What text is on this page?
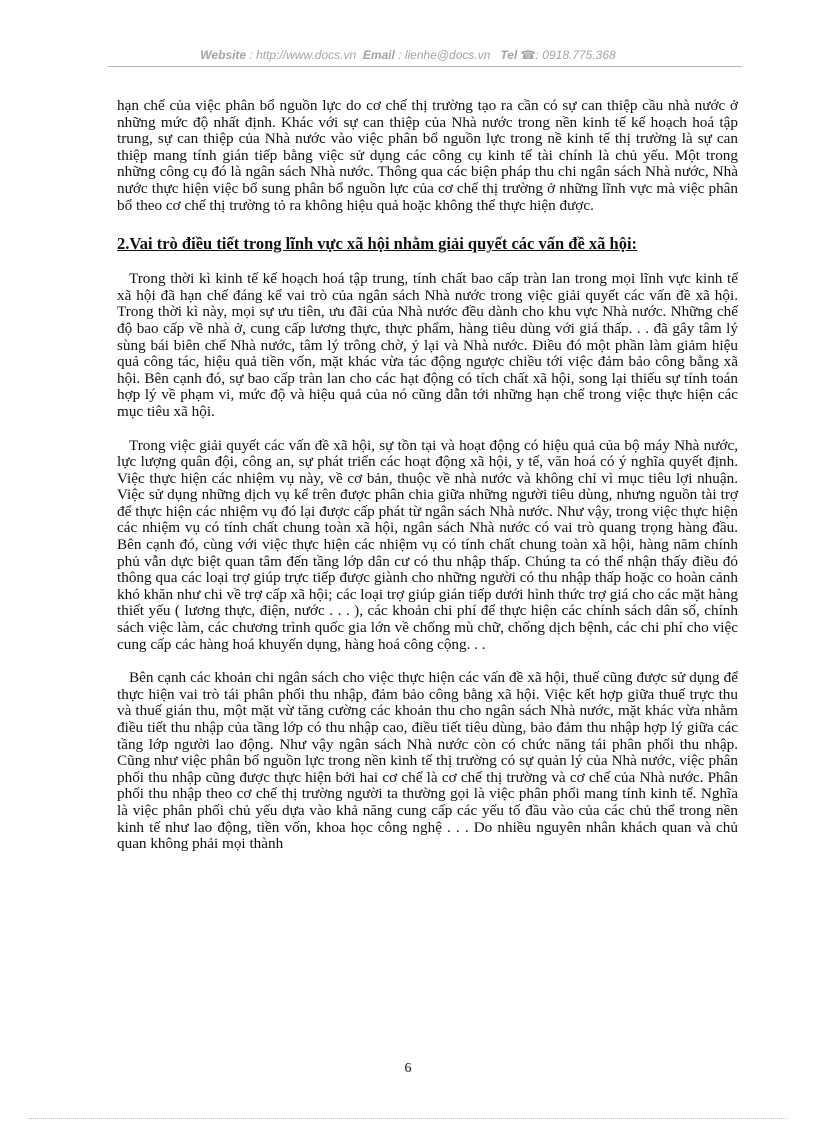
Website : http://www.docs.vn Email : lienhe@docs.vn Tel ☎: 0918.775.368

hạn chế của việc phân bổ nguồn lực do cơ chế thị trường tạo ra cần có sự can thiệp cầu nhà nước ở những mức độ nhất định. Khác với sự can thiệp của Nhà nước trong nền kinh tế kế hoạch hoá tập trung, sự can thiệp của Nhà nước vào việc phân bổ nguồn lực trong nề kinh tế thị trường là sự can thiệp mang tính gián tiếp bằng việc sử dụng các công cụ kinh tế tài chính là chủ yếu. Một trong những công cụ đó là ngân sách Nhà nước. Thông qua các biện pháp thu chi ngân sách Nhà nước, Nhà nước thực hiện việc bổ sung phân bổ nguồn lực của cơ chế thị trường ở những lĩnh vực mà việc phân bổ theo cơ chế thị trường tỏ ra không hiệu quả hoặc không thể thực hiện được.

2.Vai trò điều tiết trong lĩnh vực xã hội nhằm giải quyết các vấn đề xã hội:

Trong thời kì kinh tế kế hoạch hoá tập trung, tính chất bao cấp tràn lan trong mọi lĩnh vực kinh tế xã hội đã hạn chế đáng kể vai trò của ngân sách Nhà nước trong việc giải quyết các vấn đề xã hội. Trong thời kì này, mọi sự ưu tiên, ưu đãi của Nhà nước đều dành cho khu vực Nhà nước. Những chế độ bao cấp về nhà ở, cung cấp lương thực, thực phẩm, hàng tiêu dùng với giá thấp. . . đã gây tâm lý sùng bái biên chế Nhà nước, tâm lý trông chờ, ỷ lại và Nhà nước. Điều đó một phần làm giảm hiệu quả công tác, hiệu quả tiền vốn, mặt khác vừa tác động ngược chiều tới việc đảm bảo công bằng xã hội. Bên cạnh đó, sự bao cấp tràn lan cho các hạt động có tích chất xã hội, song lại thiếu sự tính toán hợp lý về phạm vi, mức độ và hiệu quả của nó cũng dẫn tới những hạn chế trong việc thực hiện các mục tiêu xã hội.

Trong việc giải quyết các vấn đề xã hội, sự tồn tại và hoạt động có hiệu quả của bộ máy Nhà nước, lực lượng quân đội, công an, sự phát triển các hoạt động xã hội, y tế, văn hoá có ý nghĩa quyết định. Việc thực hiện các nhiệm vụ này, về cơ bản, thuộc về nhà nước và không chỉ vì mục tiêu lợi nhuận. Việc sử dụng những dịch vụ kể trên được phân chia giữa những người tiêu dùng, nhưng nguồn tài trợ để thực hiện các nhiệm vụ đó lại được cấp phát từ ngân sách Nhà nước. Như vậy, trong việc thực hiện các nhiệm vụ có tính chất chung toàn xã hội, ngân sách Nhà nước có vai trò quang trọng hàng đầu. Bên cạnh đó, cùng với việc thực hiện các nhiệm vụ có tính chất chung toàn xã hội, hàng năm chính phủ vẫn dực biệt quan tâm đến tầng lớp dân cư có thu nhập thấp. Chúng ta có thể nhận thấy điều đó thông qua các loại trợ giúp trực tiếp được giành cho những người có thu nhập thấp hoặc co hoàn cảnh khó khăn như chi về trợ cấp xã hội; các loại trợ giúp gián tiếp dưới hình thức trợ giá cho các mặt hàng thiết yếu ( lương thực, điện, nước . . . ), các khoản chi phí để thực hiện các chính sách dân số, chính sách việc làm, các chương trình quốc gia lớn về chống mù chữ, chống dịch bệnh, các chi phí cho việc cung cấp các hàng hoá khuyến dụng, hàng hoá công cộng. . .

Bên cạnh các khoản chi ngân sách cho việc thực hiện các vấn đề xã hội, thuế cũng được sử dụng để thực hiện vai trò tái phân phối thu nhập, đảm bảo công bằng xã hội. Việc kết hợp giữa thuế trực thu và thuế gián thu, một mặt vừ tăng cường các khoản thu cho ngân sách Nhà nước, mặt khác vừa nhằm điều tiết thu nhập của tầng lớp có thu nhập cao, điều tiết tiêu dùng, bảo đảm thu nhập hợp lý giữa các tầng lớp người lao động. Như vậy ngân sách Nhà nước còn có chức năng tái phân phối thu nhập. Cũng như việc phân bổ nguồn lực trong nền kinh tế thị trường có sự quản lý của Nhà nước, việc phân phối thu nhập cũng được thực hiện bởi hai cơ chế là cơ chế thị trường và cơ chế của Nhà nước. Phân phối thu nhập theo cơ chế thị trường người ta thường gọi là việc phân phối mang tính kinh tế. Nghĩa là việc phân phối chủ yếu dựa vào khả năng cung cấp các yếu tố đầu vào của các chủ thể trong nền kinh tế như lao động, tiền vốn, khoa học công nghệ . . . Do nhiều nguyên nhân khách quan và chủ quan không phải mọi thành

6
